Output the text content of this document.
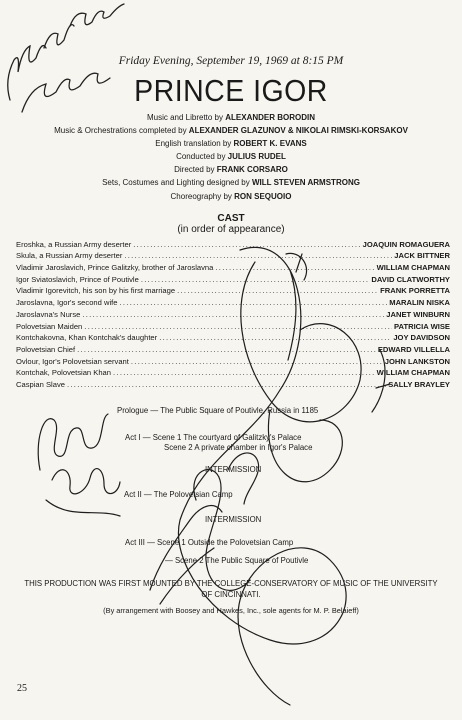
Friday Evening, September 19, 1969 at 8:15 PM
PRINCE IGOR
Music and Libretto by ALEXANDER BORODIN
Music & Orchestrations completed by ALEXANDER GLAZUNOV & NIKOLAI RIMSKI-KORSAKOV
English translation by ROBERT K. EVANS
Conducted by JULIUS RUDEL
Directed by FRANK CORSARO
Sets, Costumes and Lighting designed by WILL STEVEN ARMSTRONG
Choreography by RON SEQUOIO
CAST
(in order of appearance)
Eroshka, a Russian Army deserter .....	JOAQUIN ROMAGUERA
Skula, a Russian Army deserter .....	JACK BITTNER
Vladimir Jaroslavich, Prince Galitzky, brother of Jaroslavna .....	WILLIAM CHAPMAN
Igor Sviatoslavich, Prince of Poutivle .....	DAVID CLATWORTHY
Vladimir Igorevitch, his son by his first marriage .....	FRANK PORRETTA
Jaroslavna, Igor's second wife .....	MARALIN NISKA
Jaroslavna's Nurse .....	JANET WINBURN
Polovetsian Maiden .....	PATRICIA WISE
Kontchakovna, Khan Kontchak's daughter .....	JOY DAVIDSON
Polovetsian Chief .....	EDWARD VILLELLA
Ovlour, Igor's Polovetsian servant .....	JOHN LANKSTON
Kontchak, Polovetsian Khan .....	WILLIAM CHAPMAN
Caspian Slave .....	SALLY BRAYLEY
Prologue — The Public Square of Poutivle, Russia in 1185
Act I — Scene 1 The courtyard of Galitzky's Palace
Scene 2 A private chamber in Igor's Palace
INTERMISSION
Act II — The Polovetsian Camp
INTERMISSION
Act III — Scene 1 Outside the Polovetsian Camp
— Scene 2 The Public Square of Poutivle
THIS PRODUCTION WAS FIRST MOUNTED BY THE COLLEGE-CONSERVATORY OF MUSIC OF THE UNIVERSITY OF CINCINNATI.
(By arrangement with Boosey and Hawkes, Inc., sole agents for M. P. Belaieff)
25
